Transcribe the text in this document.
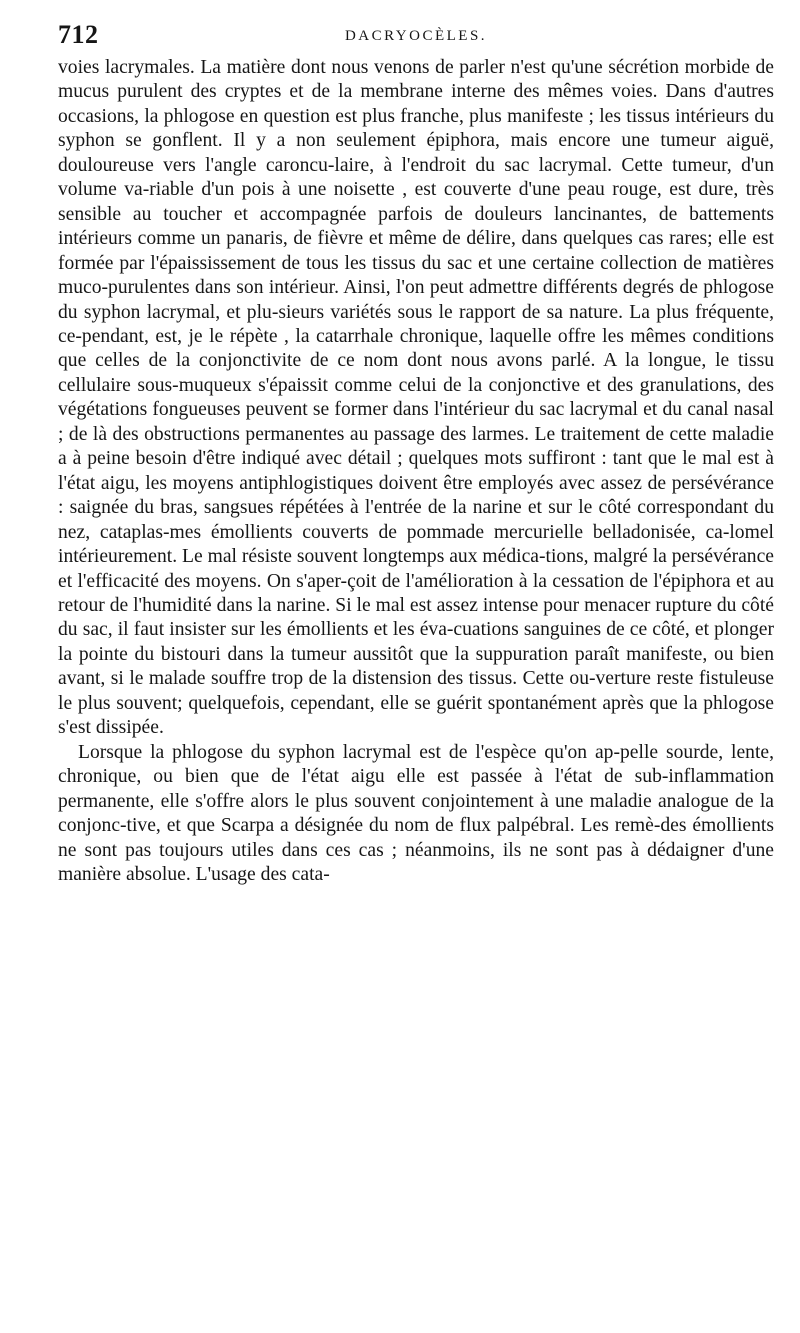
712	DACRYOCÈLES.

voies lacrymales. La matière dont nous venons de parler n'est qu'une sécrétion morbide de mucus purulent des cryptes et de la membrane interne des mêmes voies. Dans d'autres occasions, la phlogose en question est plus franche, plus manifeste ; les tissus intérieurs du syphon se gonflent. Il y a non seulement épiphora, mais encore une tumeur aiguë, douloureuse vers l'angle caroncu-laire, à l'endroit du sac lacrymal. Cette tumeur, d'un volume va-riable d'un pois à une noisette , est couverte d'une peau rouge, est dure, très sensible au toucher et accompagnée parfois de douleurs lancinantes, de battements intérieurs comme un panaris, de fièvre et même de délire, dans quelques cas rares; elle est formée par l'épaississement de tous les tissus du sac et une certaine collection de matières muco-purulentes dans son intérieur. Ainsi, l'on peut admettre différents degrés de phlogose du syphon lacrymal, et plu-sieurs variétés sous le rapport de sa nature. La plus fréquente, ce-pendant, est, je le répète , la catarrhale chronique, laquelle offre les mêmes conditions que celles de la conjonctivite de ce nom dont nous avons parlé. A la longue, le tissu cellulaire sous-muqueux s'épaissit comme celui de la conjonctive et des granulations, des végétations fongueuses peuvent se former dans l'intérieur du sac lacrymal et du canal nasal ; de là des obstructions permanentes au passage des larmes. Le traitement de cette maladie a à peine besoin d'être indiqué avec détail ; quelques mots suffiront : tant que le mal est à l'état aigu, les moyens antiphlogistiques doivent être employés avec assez de persévérance : saignée du bras, sangsues répétées à l'entrée de la narine et sur le côté correspondant du nez, cataplas-mes émollients couverts de pommade mercurielle belladonisée, ca-lomel intérieurement. Le mal résiste souvent longtemps aux médica-tions, malgré la persévérance et l'efficacité des moyens. On s'aper-çoit de l'amélioration à la cessation de l'épiphora et au retour de l'humidité dans la narine. Si le mal est assez intense pour menacer rupture du côté du sac, il faut insister sur les émollients et les éva-cuations sanguines de ce côté, et plonger la pointe du bistouri dans la tumeur aussitôt que la suppuration paraît manifeste, ou bien avant, si le malade souffre trop de la distension des tissus. Cette ou-verture reste fistuleuse le plus souvent; quelquefois, cependant, elle se guérit spontanément après que la phlogose s'est dissipée.

Lorsque la phlogose du syphon lacrymal est de l'espèce qu'on ap-pelle sourde, lente, chronique, ou bien que de l'état aigu elle est passée à l'état de sub-inflammation permanente, elle s'offre alors le plus souvent conjointement à une maladie analogue de la conjonc-tive, et que Scarpa a désignée du nom de flux palpébral. Les remè-des émollients ne sont pas toujours utiles dans ces cas ; néanmoins, ils ne sont pas à dédaigner d'une manière absolue. L'usage des cata-
